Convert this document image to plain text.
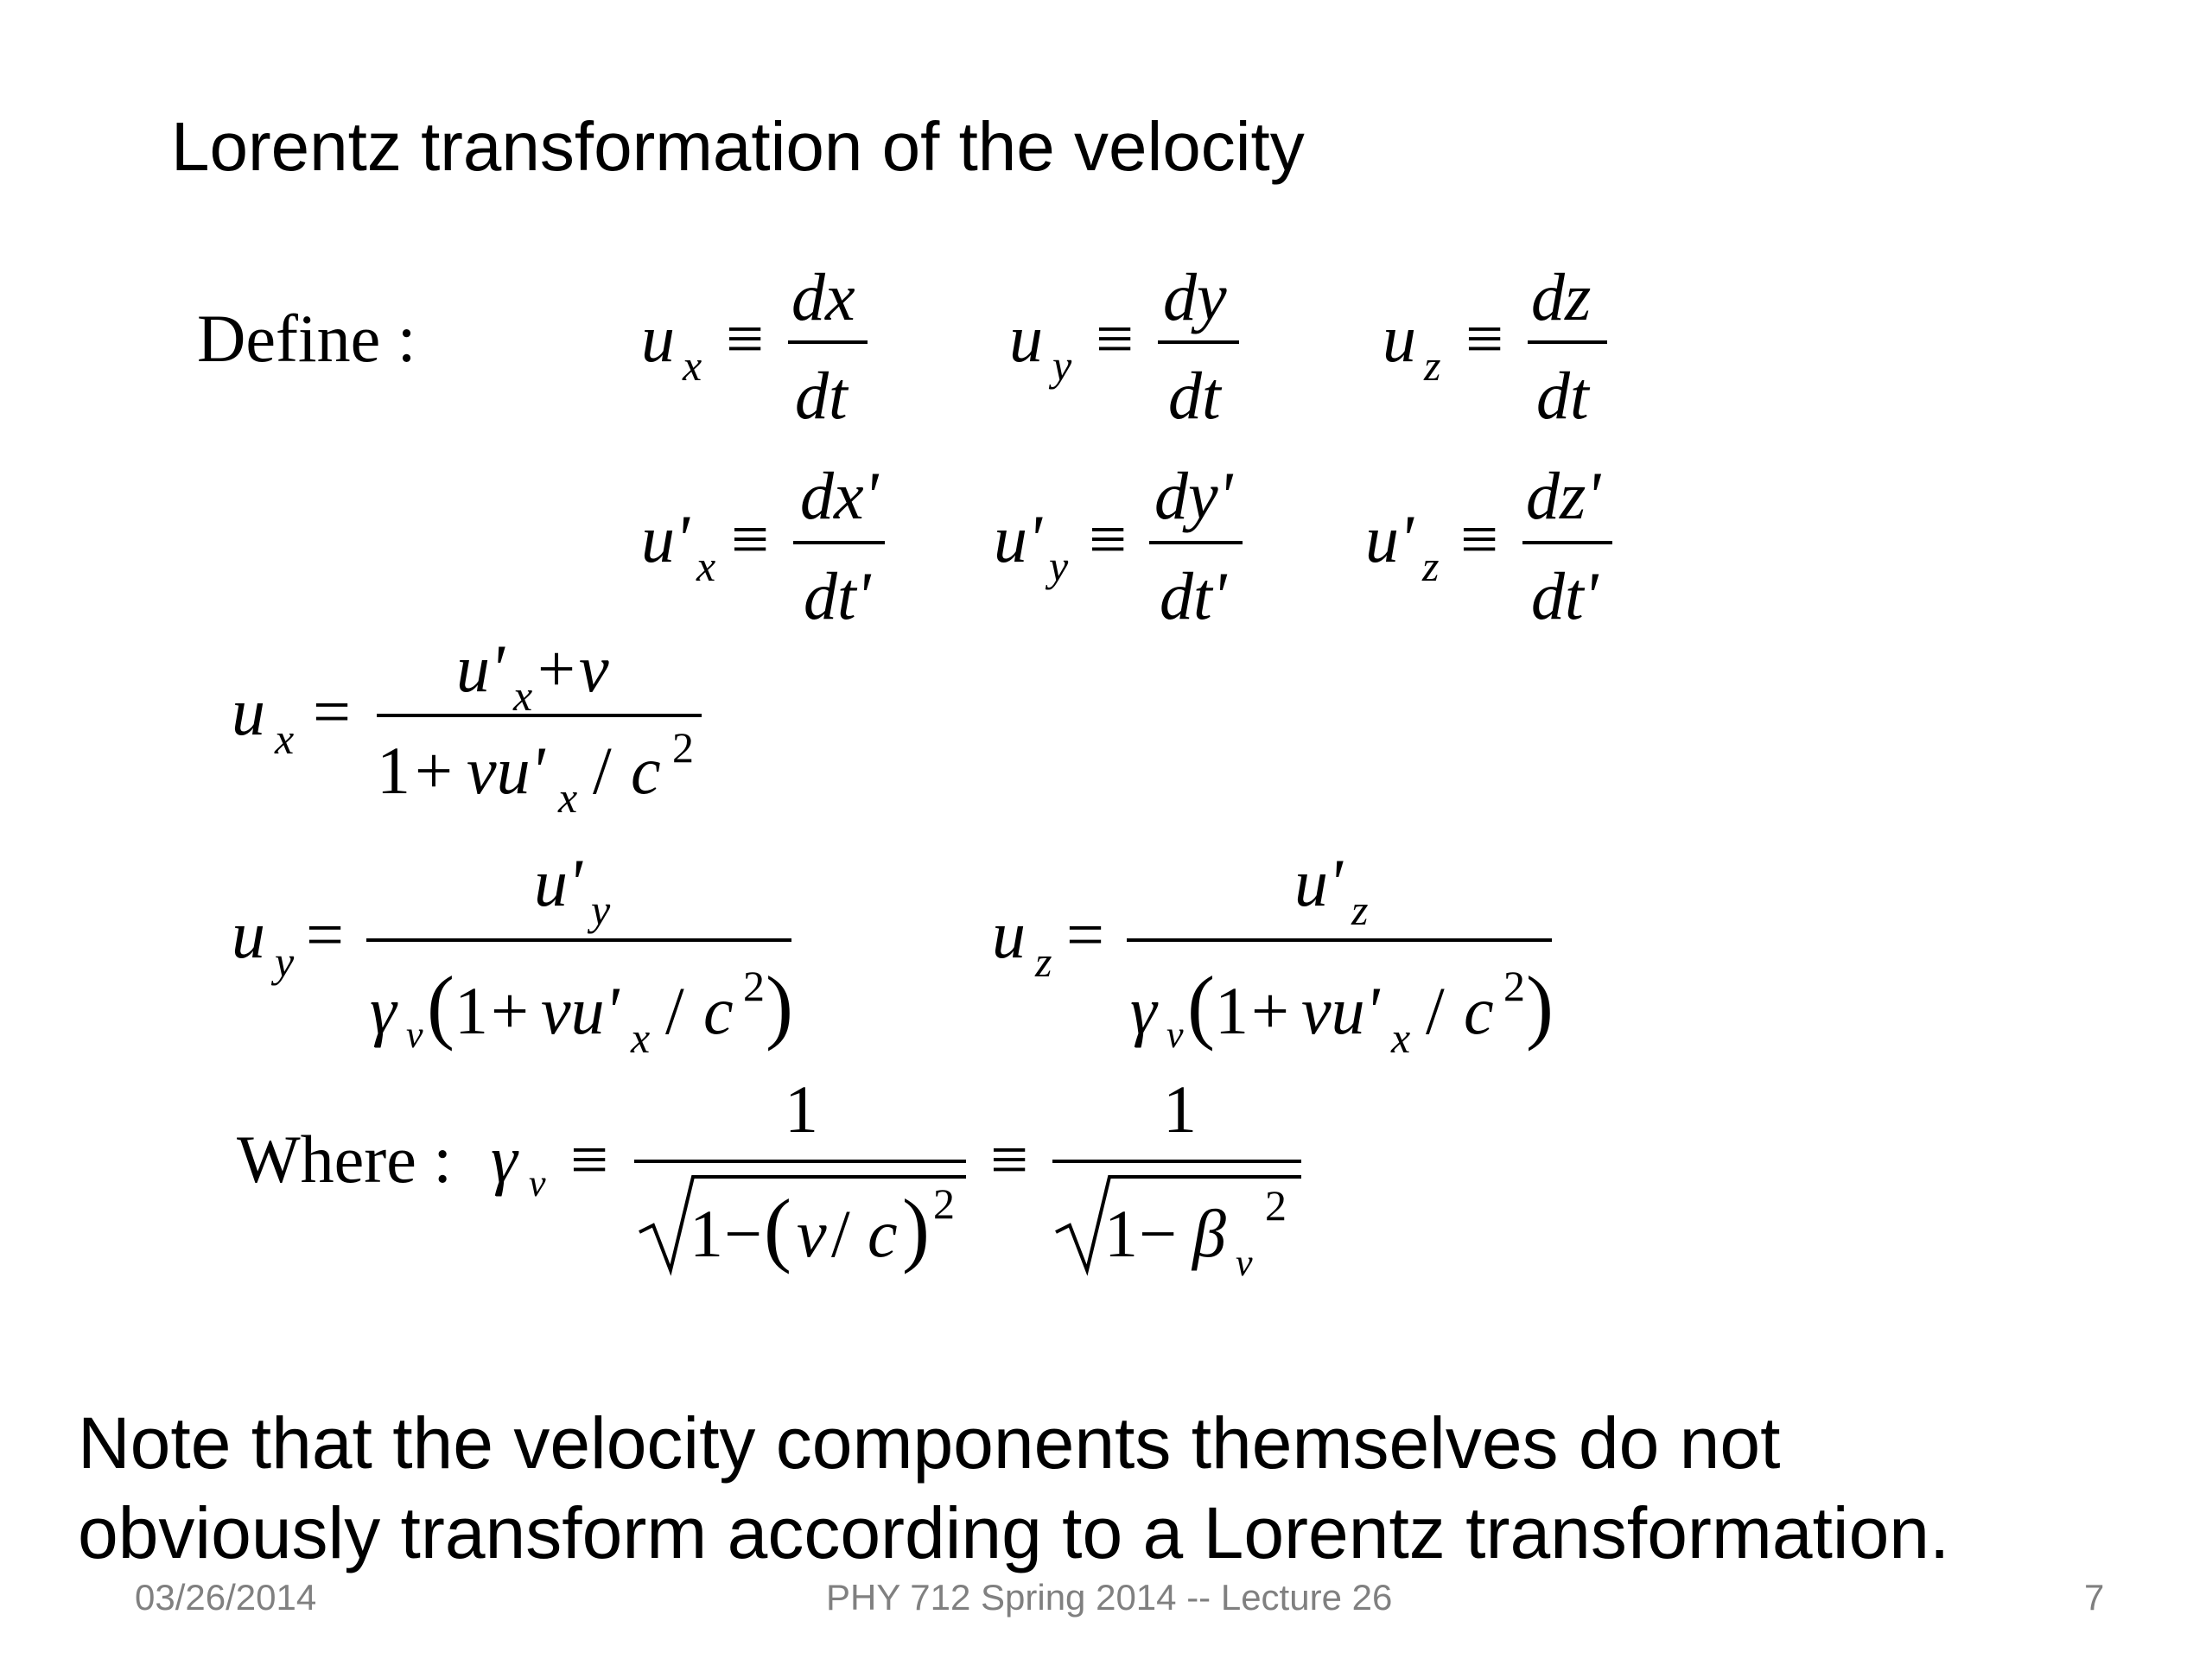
Lorentz transformation of the velocity
Define :	u x ≡
dx
dt
u y ≡
dy
dt
u z ≡
dz
dt
u' x ≡
dx'
dt'
u' y ≡
dy'
dt'
u' z ≡
dz'
dt'
u x =
u' x + v
1 + vu' x / c 2
u y =
u' y
γ v ( 1 + vu' x / c 2 )
u z =
u' z
γ v ( 1 + vu' x / c 2 )
Where : γ v ≡
1
1 − ( v / c ) 2
≡
1
1 − β v
2
Note that the velocity components themselves do not
obviously transform according to a Lorentz transformation.
03/26/2014	PHY 712 Spring 2014 -- Lecture 26	7
